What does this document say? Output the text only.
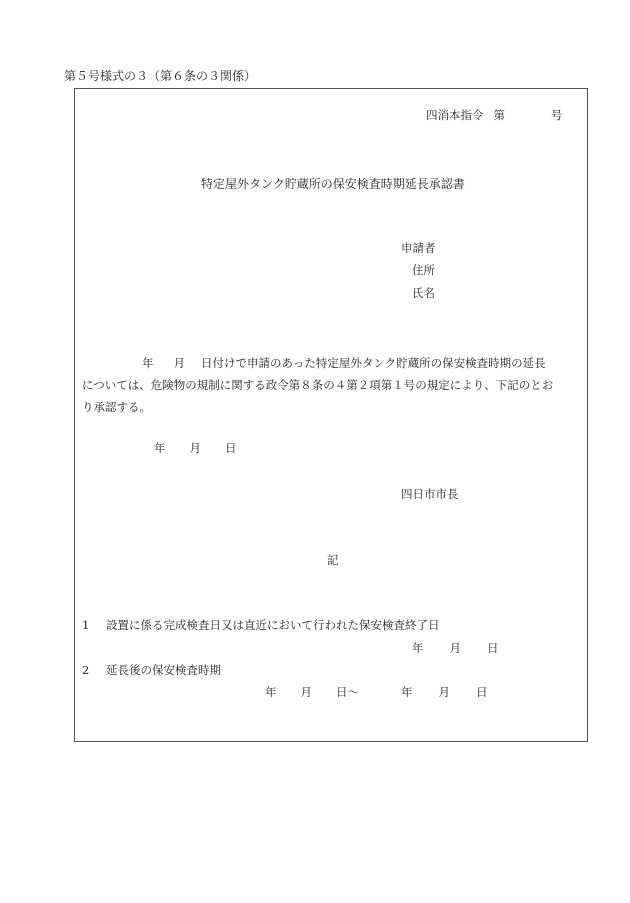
第５号様式の３（第６条の３関係）
四消本指令 第	号
特定屋外タンク貯蔵所の保安検査時期延長承認書
申請者
住所
氏名
年 月 日付けで申請のあった特定屋外タンク貯蔵所の保安検査時期の延長
については、危険物の規制に関する政令第８条の４第２項第１号の規定により、下記のとお
り承認する。
年 月 日
四日市市長
記
1 設置に係る完成検査日又は直近において行われた保安検査終了日
年 月 日
2 延長後の保安検査時期
年 月 日～	年 月 日
